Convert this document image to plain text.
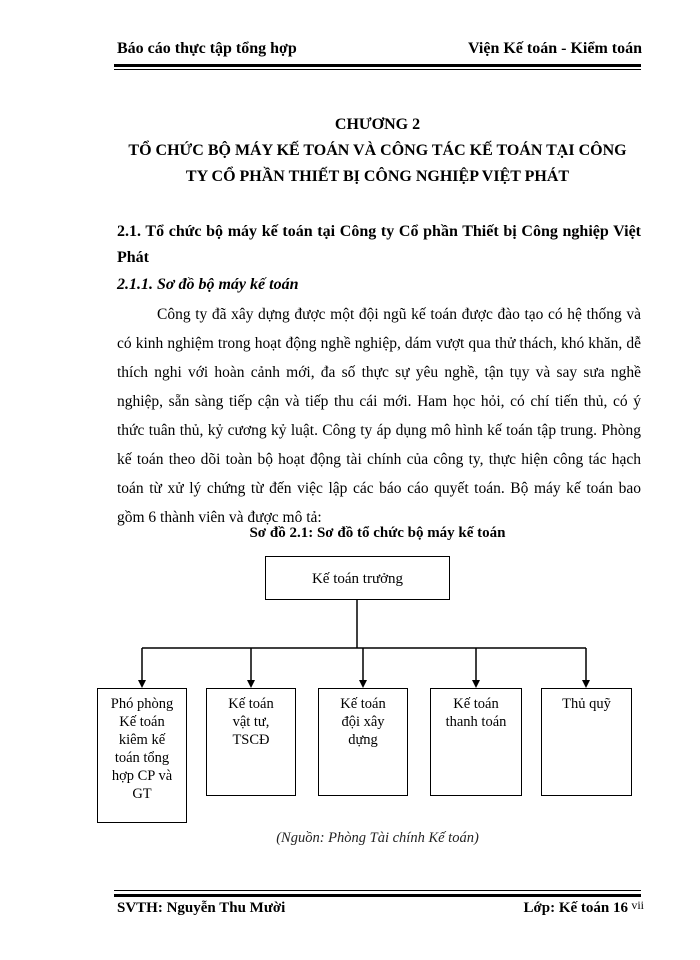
Báo cáo thực tập tổng hợp	Viện Kế toán - Kiểm toán
CHƯƠNG 2
TỔ CHỨC BỘ MÁY KẾ TOÁN VÀ CÔNG TÁC KẾ TOÁN TẠI CÔNG
TY CỔ PHẦN THIẾT BỊ CÔNG NGHIỆP VIỆT PHÁT
2.1. Tổ chức bộ máy kế toán tại Công ty Cổ phần Thiết bị Công nghiệp Việt Phát
2.1.1. Sơ đồ bộ máy kế toán
Công ty đã xây dựng được một đội ngũ kế toán được đào tạo có hệ thống và có kinh nghiệm trong hoạt động nghề nghiệp, dám vượt qua thử thách, khó khăn, dễ thích nghi với hoàn cảnh mới, đa số thực sự yêu nghề, tận tụy và say sưa nghề nghiệp, sẵn sàng tiếp cận và tiếp thu cái mới. Ham học hỏi, có chí tiến thủ, có ý thức tuân thủ, kỷ cương kỷ luật. Công ty áp dụng mô hình kế toán tập trung. Phòng kế toán theo dõi toàn bộ hoạt động tài chính của công ty, thực hiện công tác hạch toán từ xử lý chứng từ đến việc lập các báo cáo quyết toán. Bộ máy kế toán bao gồm 6 thành viên và được mô tả:
Sơ đồ 2.1: Sơ đồ tổ chức bộ máy kế toán
Kế toán trưởng
Phó phòng
Kế toán
kiêm kế
toán tổng
hợp CP và
GT
Kế toán
vật tư,
TSCĐ
Kế toán
đội xây
dựng
Kế toán
thanh toán
Thủ quỹ
(Nguồn: Phòng Tài chính Kế toán)
SVTH: Nguyễn Thu Mười	Lớp: Kế toán 16 vii
